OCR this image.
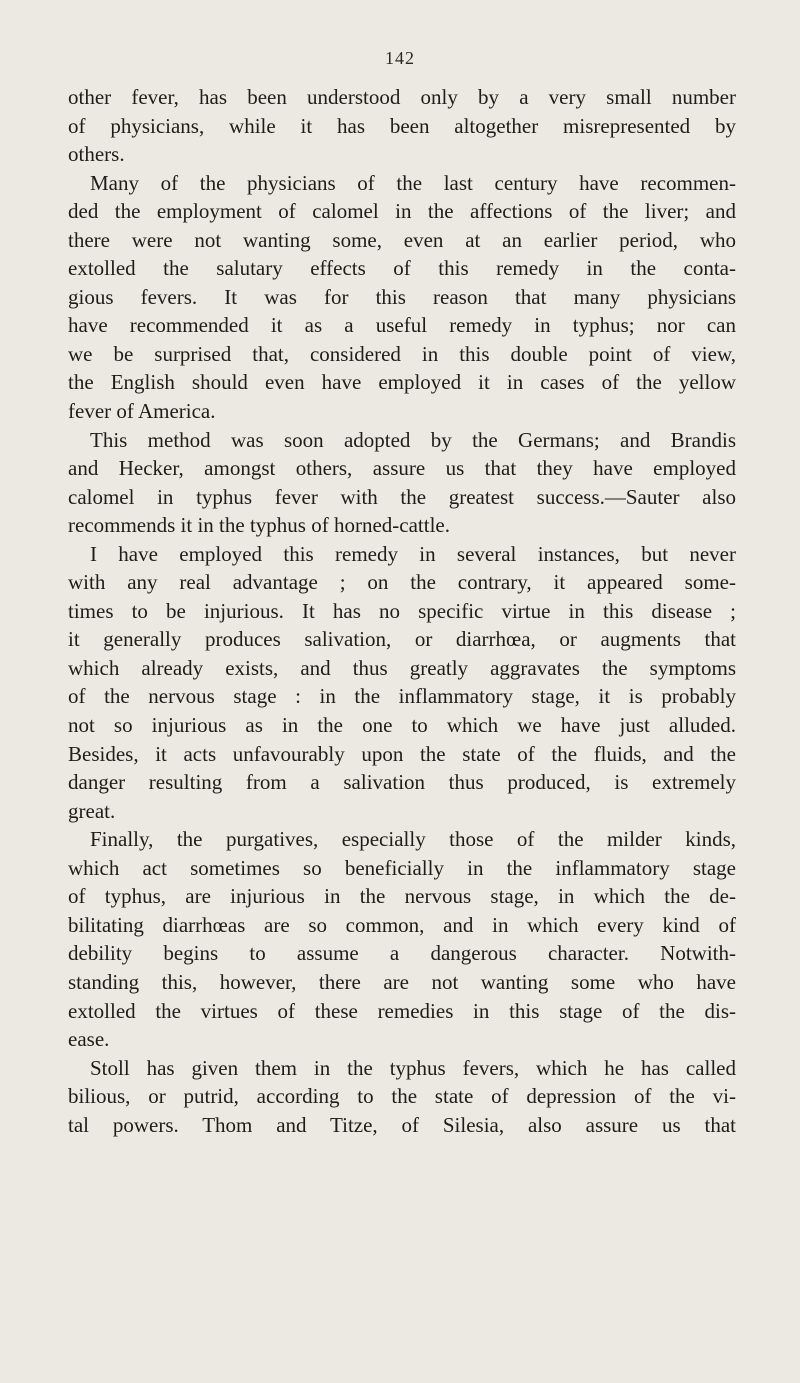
142
other fever, has been understood only by a very small number
of physicians, while it has been altogether misrepresented by
others.
Many of the physicians of the last century have recommen-
ded the employment of calomel in the affections of the liver; and
there were not wanting some, even at an earlier period, who
extolled the salutary effects of this remedy in the conta-
gious fevers. It was for this reason that many physicians
have recommended it as a useful remedy in typhus; nor can
we be surprised that, considered in this double point of view,
the English should even have employed it in cases of the yellow
fever of America.
This method was soon adopted by the Germans; and Brandis
and Hecker, amongst others, assure us that they have employed
calomel in typhus fever with the greatest success.—Sauter also
recommends it in the typhus of horned-cattle.
I have employed this remedy in several instances, but never
with any real advantage ; on the contrary, it appeared some-
times to be injurious. It has no specific virtue in this disease ;
it generally produces salivation, or diarrhœa, or augments that
which already exists, and thus greatly aggravates the symptoms
of the nervous stage : in the inflammatory stage, it is probably
not so injurious as in the one to which we have just alluded.
Besides, it acts unfavourably upon the state of the fluids, and the
danger resulting from a salivation thus produced, is extremely
great.
Finally, the purgatives, especially those of the milder kinds,
which act sometimes so beneficially in the inflammatory stage
of typhus, are injurious in the nervous stage, in which the de-
bilitating diarrhœas are so common, and in which every kind of
debility begins to assume a dangerous character. Notwith-
standing this, however, there are not wanting some who have
extolled the virtues of these remedies in this stage of the dis-
ease.
Stoll has given them in the typhus fevers, which he has called
bilious, or putrid, according to the state of depression of the vi-
tal powers. Thom and Titze, of Silesia, also assure us that
